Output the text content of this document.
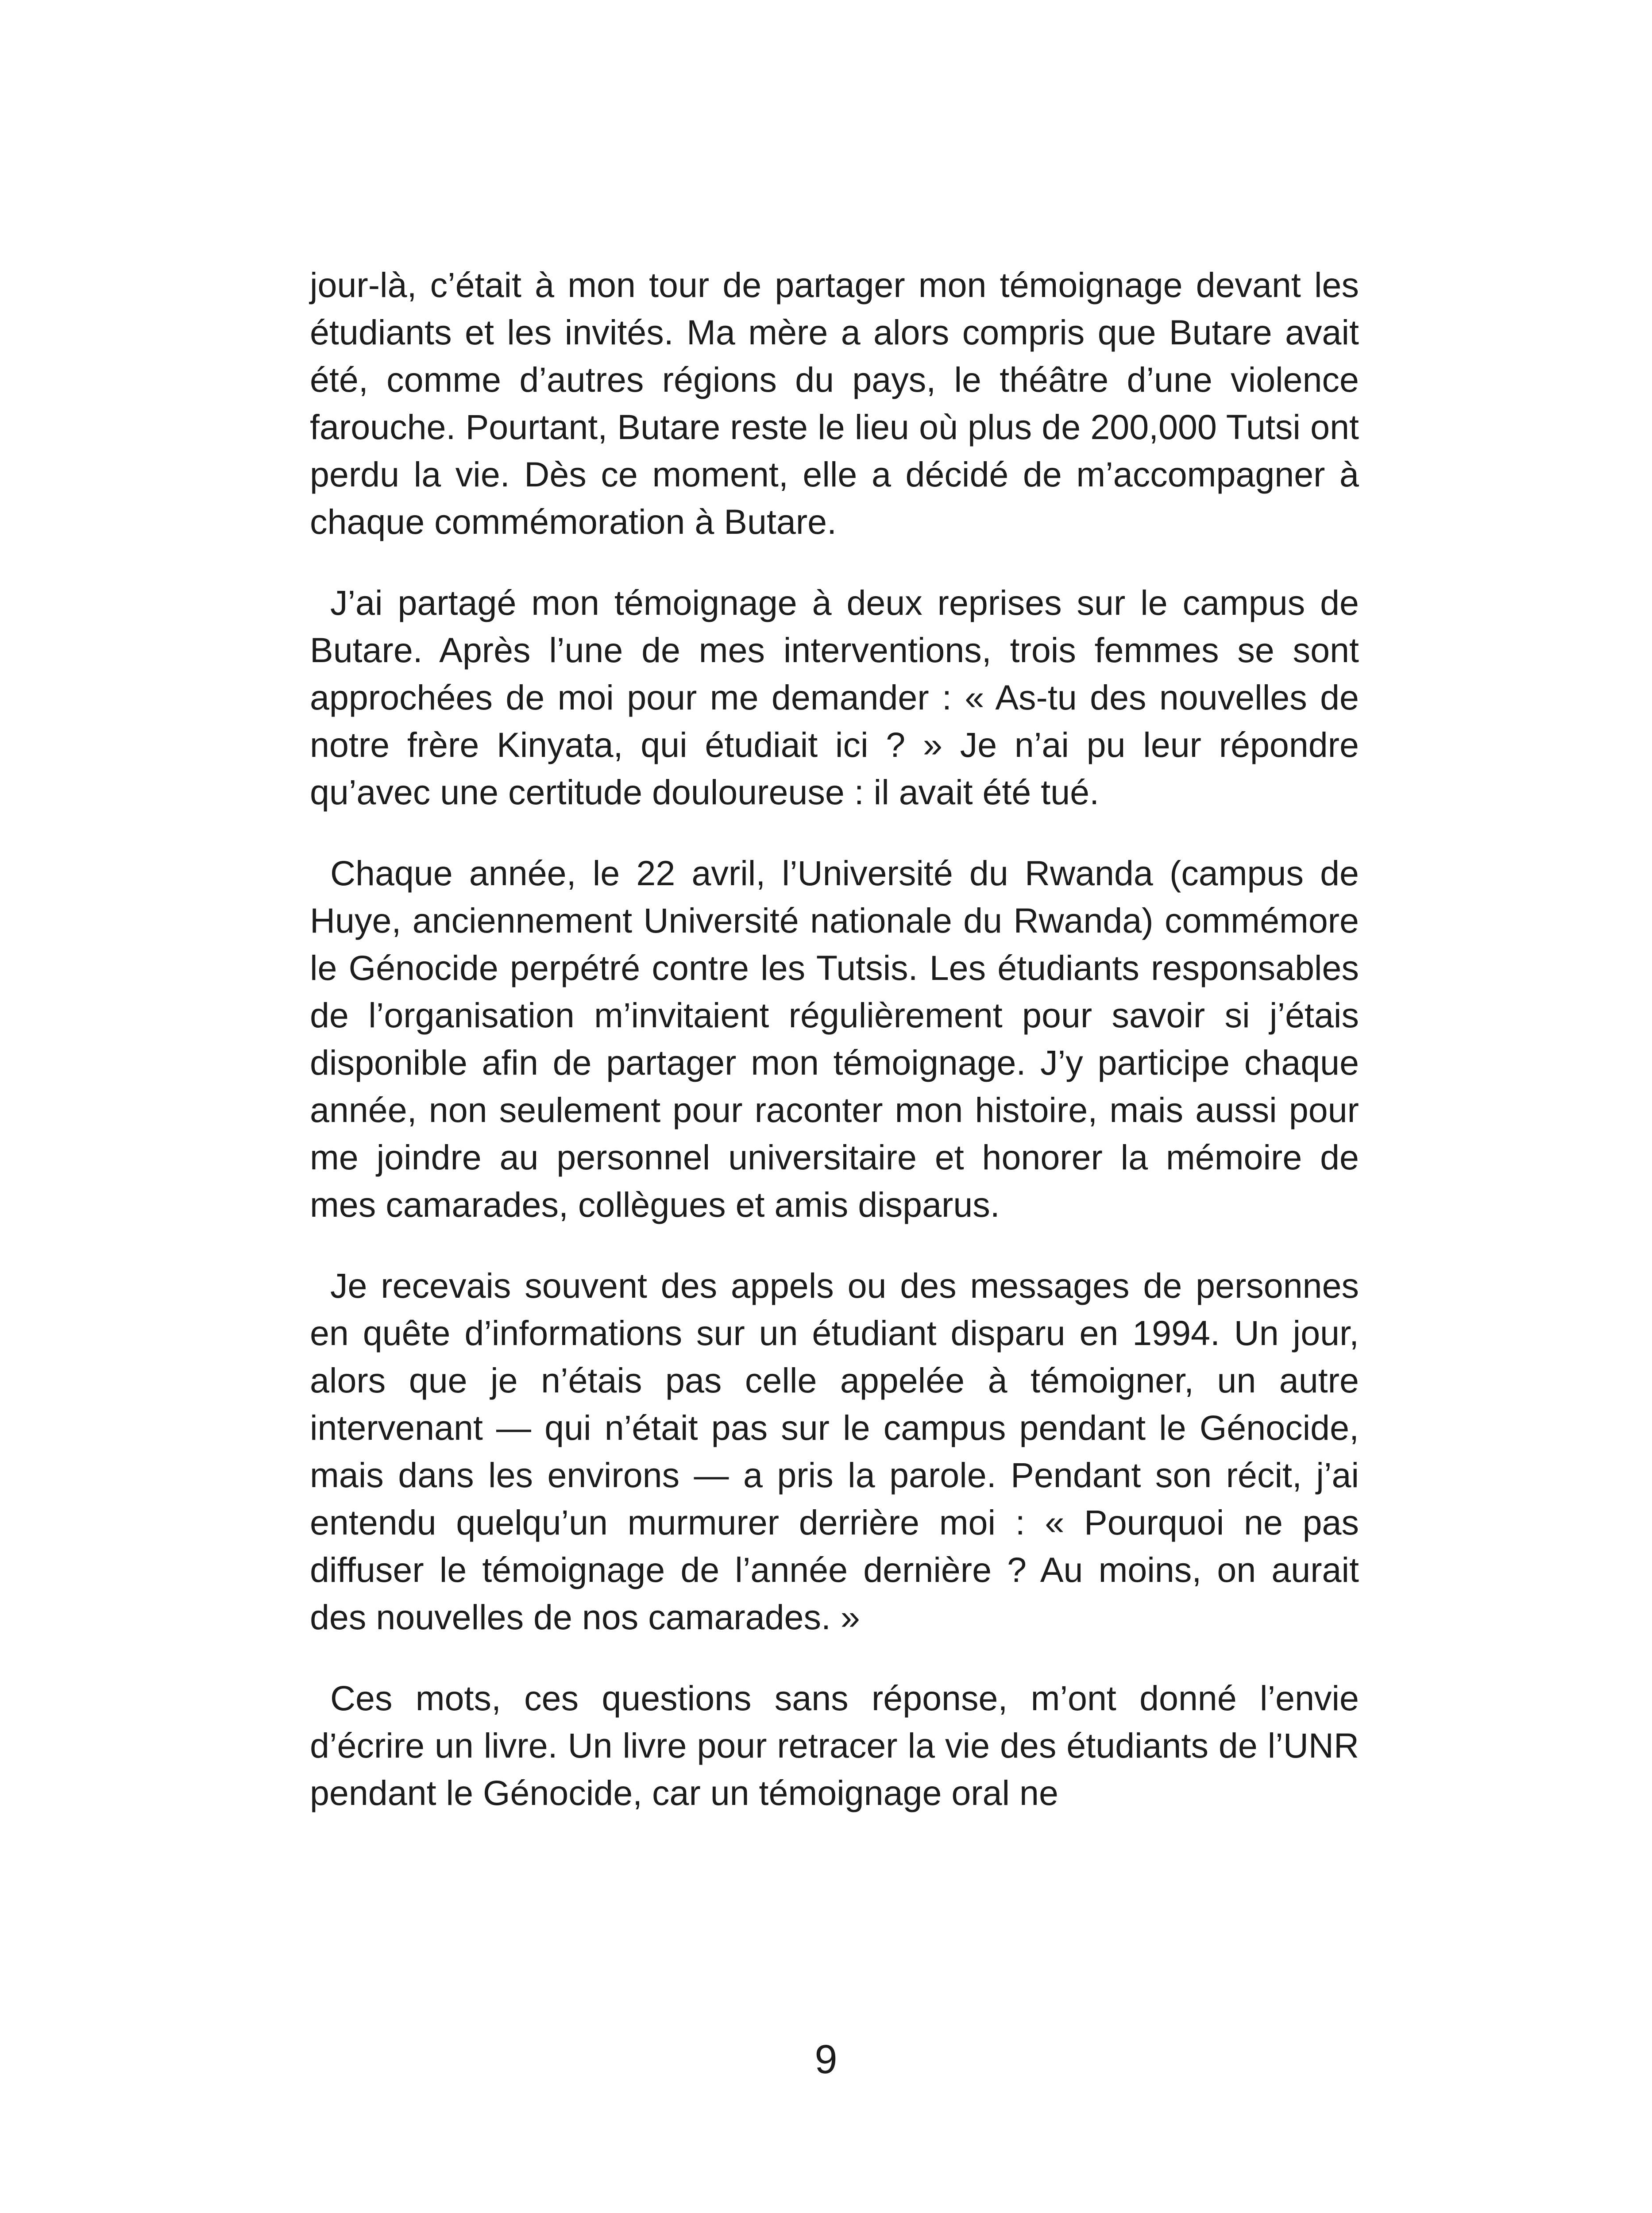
jour-là, c’était à mon tour de partager mon témoignage devant les étudiants et les invités. Ma mère a alors compris que Butare avait été, comme d’autres régions du pays, le théâtre d’une violence farouche. Pourtant, Butare reste le lieu où plus de 200,000 Tutsi ont perdu la vie. Dès ce moment, elle a décidé de m’accompagner à chaque commémoration à Butare.

J’ai partagé mon témoignage à deux reprises sur le campus de Butare. Après l’une de mes interventions, trois femmes se sont approchées de moi pour me demander : « As-tu des nouvelles de notre frère Kinyata, qui étudiait ici ? » Je n’ai pu leur répondre qu’avec une certitude douloureuse : il avait été tué.

Chaque année, le 22 avril, l’Université du Rwanda (campus de Huye, anciennement Université nationale du Rwanda) commémore le Génocide perpétré contre les Tutsis. Les étudiants responsables de l’organisation m’invitaient régulièrement pour savoir si j’étais disponible afin de partager mon témoignage. J’y participe chaque année, non seulement pour raconter mon histoire, mais aussi pour me joindre au personnel universitaire et honorer la mémoire de mes camarades, collègues et amis disparus.

Je recevais souvent des appels ou des messages de personnes en quête d’informations sur un étudiant disparu en 1994. Un jour, alors que je n’étais pas celle appelée à témoigner, un autre intervenant — qui n’était pas sur le campus pendant le Génocide, mais dans les environs — a pris la parole. Pendant son récit, j’ai entendu quelqu’un murmurer derrière moi : « Pourquoi ne pas diffuser le témoignage de l’année dernière ? Au moins, on aurait des nouvelles de nos camarades. »

Ces mots, ces questions sans réponse, m’ont donné l’envie d’écrire un livre. Un livre pour retracer la vie des étudiants de l’UNR pendant le Génocide, car un témoignage oral ne

9
